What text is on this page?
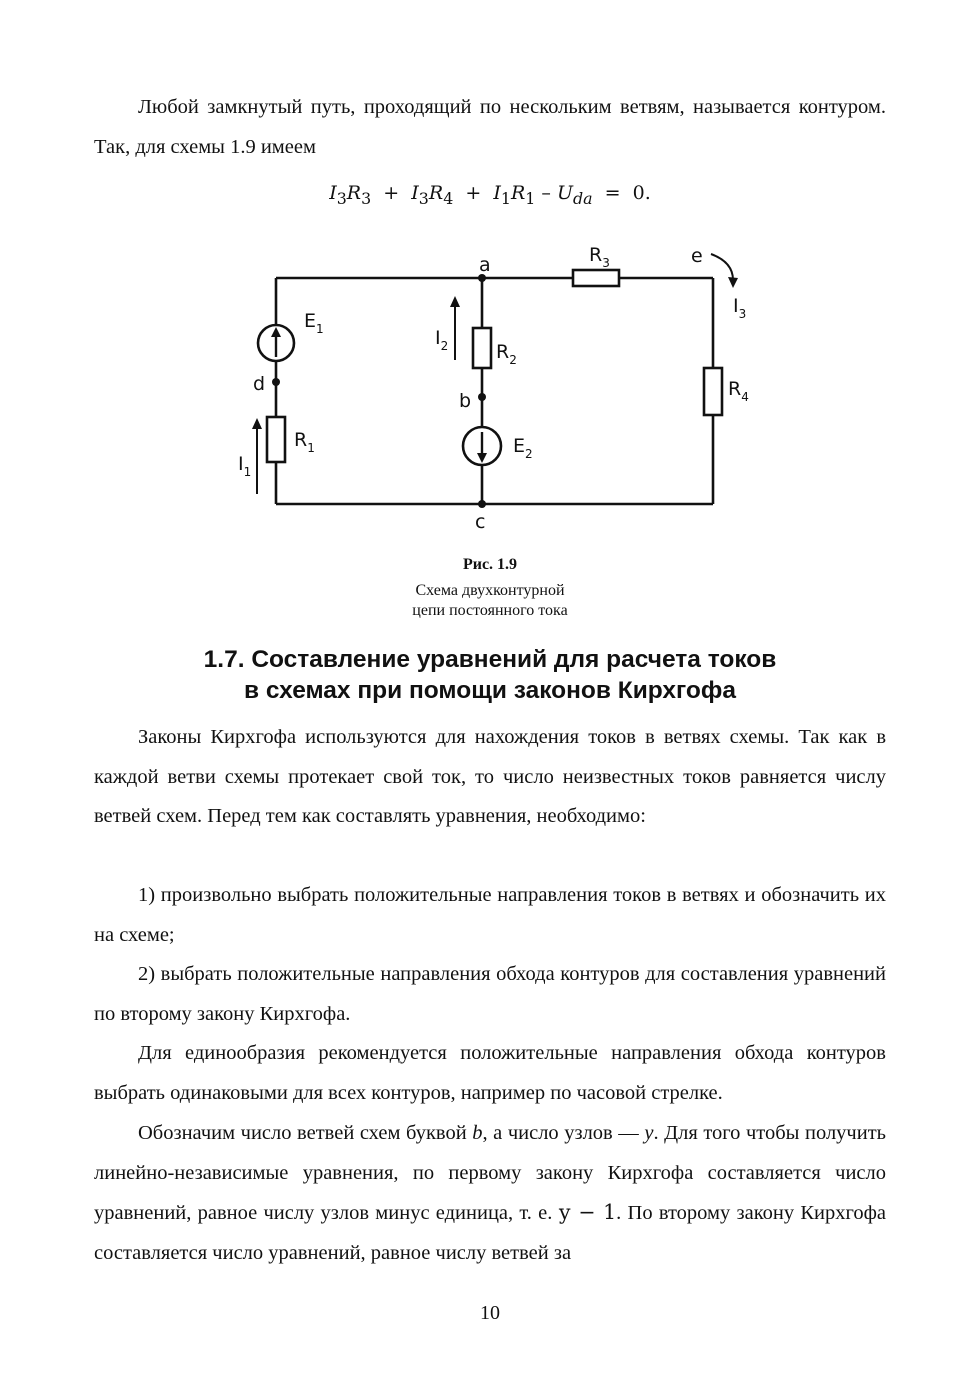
Любой замкнутый путь, проходящий по нескольким ветвям, называется контуром. Так, для схемы 1.9 имеем

$I_3R_3 + I_3R_4 + I_1R_1 - U_{da} = 0$.
a
b
c
d
e
$E_1$
$E_2$
$R_1$
$R_2$
$R_3$
$R_4$
$I_1$
$I_2$
$I_3$
Рис. 1.9
Схема двухконтурной
цепи постоянного тока
1.7. Составление уравнений для расчета токов
в схемах при помощи законов Кирхгофа

Законы Кирхгофа используются для нахождения токов в ветвях схемы. Так как в каждой ветви схемы протекает свой ток, то число неизвестных токов равняется числу ветвей схем. Перед тем как составлять уравнения, необходимо:

1) произвольно выбрать положительные направления токов в ветвях и обозначить их на схеме;

2) выбрать положительные направления обхода контуров для составления уравнений по второму закону Кирхгофа.

Для единообразия рекомендуется положительные направления обхода контуров выбрать одинаковыми для всех контуров, например по часовой стрелке.

Обозначим число ветвей схем буквой b, а число узлов — у. Для того чтобы получить линейно-независимые уравнения, по первому закону Кирхгофа составляется число уравнений, равное числу узлов минус единица, т. е. у − 1. По второму закону Кирхгофа составляется число уравнений, равное числу ветвей за

10
